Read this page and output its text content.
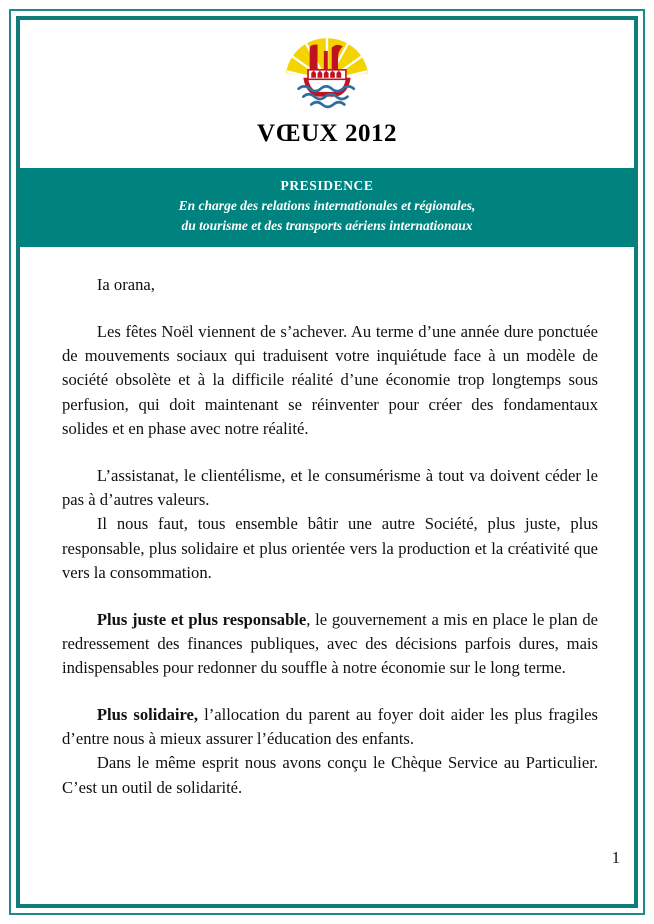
VŒUX 2012
PRESIDENCE
En charge des relations internationales et régionales,
du tourisme et des transports aériens internationaux

Ia orana,

Les fêtes Noël viennent de s’achever. Au terme d’une année dure ponctuée de mouvements sociaux qui traduisent votre inquiétude face à un modèle de société obsolète et à la difficile réalité d’une économie trop longtemps sous perfusion, qui doit maintenant se réinventer pour créer des fondamentaux solides et en phase avec notre réalité.

L’assistanat, le clientélisme, et le consumérisme à tout va doivent céder le pas à d’autres valeurs.

Il nous faut, tous ensemble bâtir une autre Société, plus juste, plus responsable, plus solidaire et plus orientée vers la production et la créativité que vers la consommation.

Plus juste et plus responsable, le gouvernement a mis en place le plan de redressement des finances publiques, avec des décisions parfois dures, mais indispensables pour redonner du souffle à notre économie sur le long terme.

Plus solidaire, l’allocation du parent au foyer doit aider les plus fragiles d’entre nous à mieux assurer l’éducation des enfants.

Dans le même esprit nous avons conçu le Chèque Service au Particulier. C’est un outil de solidarité.

1
